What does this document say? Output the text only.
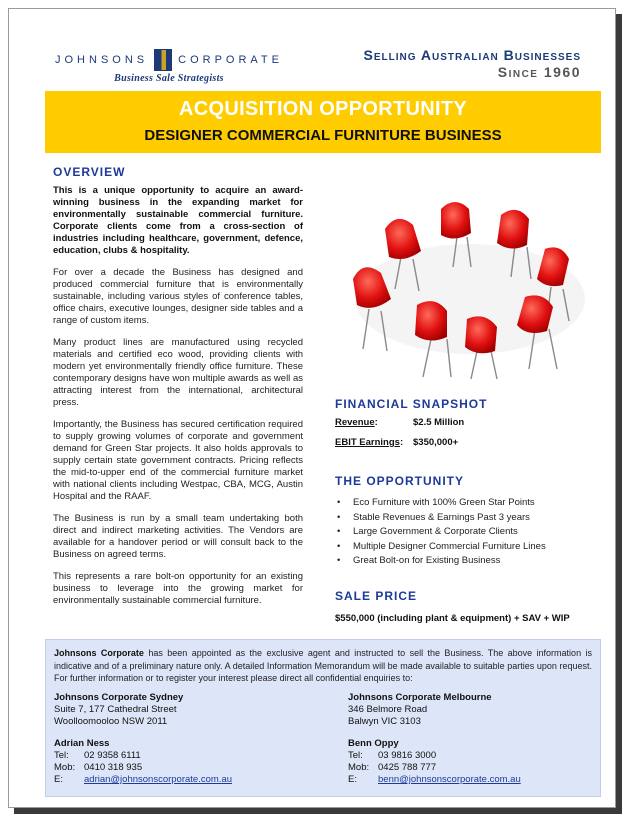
JOHNSONS	CORPORATE
Business Sale Strategists
Selling Australian Businesses
Since 1960
ACQUISITION OPPORTUNITY
DESIGNER COMMERCIAL FURNITURE BUSINESS
OVERVIEW

This is a unique opportunity to acquire an award-winning business in the expanding market for environmentally sustainable commercial furniture. Corporate clients come from a cross-section of industries including healthcare, government, defence, education, clubs & hospitality.

For over a decade the Business has designed and produced commercial furniture that is environmentally sustainable, including various styles of conference tables, office chairs, executive lounges, designer side tables and a range of custom items.

Many product lines are manufactured using recycled materials and certified eco wood, providing clients with modern yet environmentally friendly office furniture. These contemporary designs have won multiple awards as well as attracting interest from the international, architectural press.

Importantly, the Business has secured certification required to supply growing volumes of corporate and government demand for Green Star projects. It also holds approvals to supply certain state government contracts. Pricing reflects the mid-to-upper end of the commercial furniture market with national clients including Westpac, CBA, MCG, Austin Hospital and the RAAF.

The Business is run by a small team undertaking both direct and indirect marketing activities. The Vendors are available for a handover period or will consult back to the Business on agreed terms.

This represents a rare bolt-on opportunity for an existing business to leverage into the growing market for environmentally sustainable commercial furniture.

FINANCIAL SNAPSHOT
Revenue:	$2.5 Million
EBIT Earnings:	$350,000+
THE OPPORTUNITY
• Eco Furniture with 100% Green Star Points
• Stable Revenues & Earnings Past 3 years
• Large Government & Corporate Clients
• Multiple Designer Commercial Furniture Lines
• Great Bolt-on for Existing Business
SALE PRICE
$550,000 (including plant & equipment) + SAV + WIP

Johnsons Corporate has been appointed as the exclusive agent and instructed to sell the Business. The above information is indicative and of a preliminary nature only. A detailed Information Memorandum will be made available to suitable parties upon request. For further information or to register your interest please direct all confidential enquiries to:

Johnsons Corporate Sydney
Suite 7, 177 Cathedral Street
Woolloomooloo NSW 2011
Adrian Ness
Tel:	02 9358 6111
Mob: 0410 318 935
E:	adrian@johnsonscorporate.com.au
Johnsons Corporate Melbourne
346 Belmore Road
Balwyn VIC 3103
Benn Oppy
Tel:	03 9816 3000
Mob: 0425 788 777
E:	benn@johnsonscorporate.com.au
